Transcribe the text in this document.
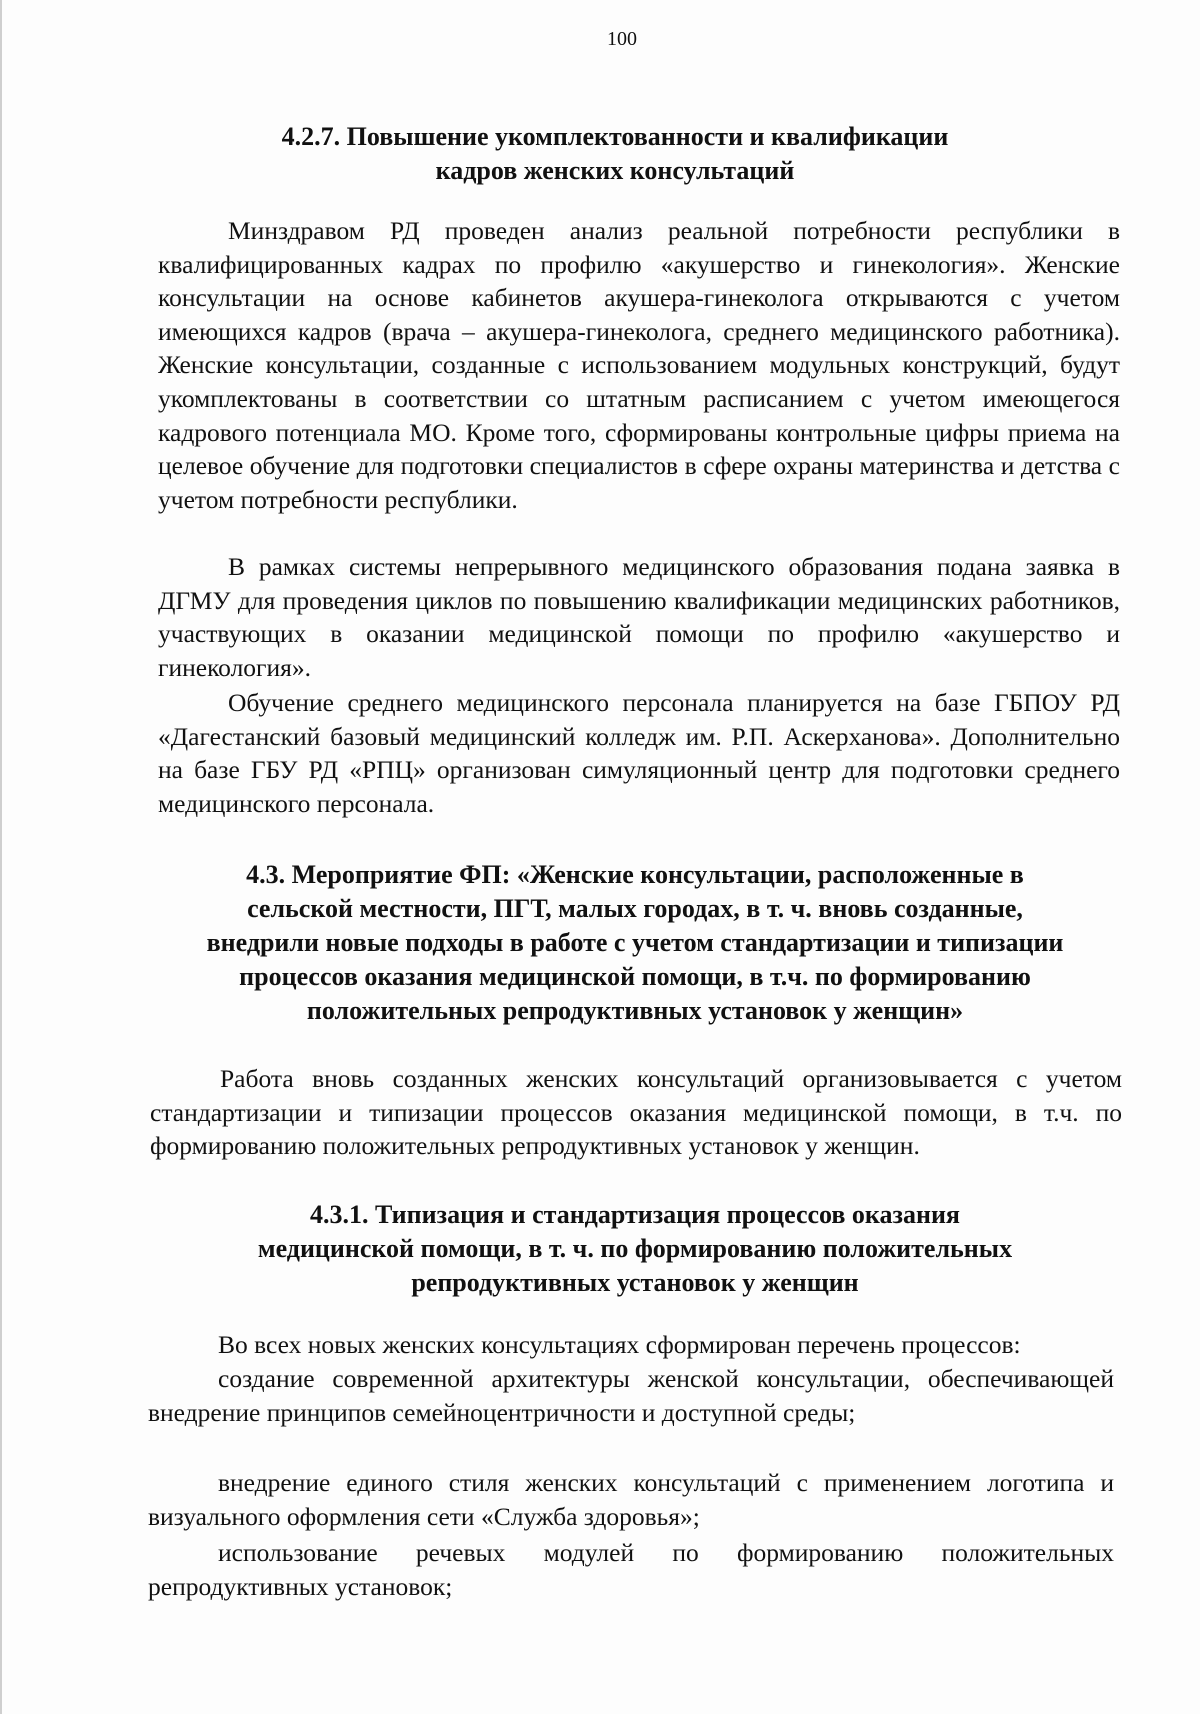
100
4.2.7. Повышение укомплектованности и квалификации
кадров женских консультаций
Минздравом РД проведен анализ реальной потребности республики в квалифицированных кадрах по профилю «акушерство и гинекология». Женские консультации на основе кабинетов акушера-гинеколога открываются с учетом имеющихся кадров (врача – акушера-гинеколога, среднего медицинского работника). Женские консультации, созданные с использованием модульных конструкций, будут укомплектованы в соответствии со штатным расписанием с учетом имеющегося кадрового потенциала МО. Кроме того, сформированы контрольные цифры приема на целевое обучение для подготовки специалистов в сфере охраны материнства и детства с учетом потребности республики.
В рамках системы непрерывного медицинского образования подана заявка в ДГМУ для проведения циклов по повышению квалификации медицинских работников, участвующих в оказании медицинской помощи по профилю «акушерство и гинекология».
Обучение среднего медицинского персонала планируется на базе ГБПОУ РД «Дагестанский базовый медицинский колледж им. Р.П. Аскерханова». Дополнительно на базе ГБУ РД «РПЦ» организован симуляционный центр для подготовки среднего медицинского персонала.
4.3. Мероприятие ФП: «Женские консультации, расположенные в
сельской местности, ПГТ, малых городах, в т. ч. вновь созданные,
внедрили новые подходы в работе с учетом стандартизации и типизации
процессов оказания медицинской помощи, в т.ч. по формированию
положительных репродуктивных установок у женщин»
Работа вновь созданных женских консультаций организовывается с учетом стандартизации и типизации процессов оказания медицинской помощи, в т.ч. по формированию положительных репродуктивных установок у женщин.
4.3.1. Типизация и стандартизация процессов оказания
медицинской помощи, в т. ч. по формированию положительных
репродуктивных установок у женщин
Во всех новых женских консультациях сформирован перечень процессов:
создание современной архитектуры женской консультации, обеспечивающей внедрение принципов семейноцентричности и доступной среды;
внедрение единого стиля женских консультаций с применением логотипа и визуального оформления сети «Служба здоровья»;
использование речевых модулей по формированию положительных репродуктивных установок;
